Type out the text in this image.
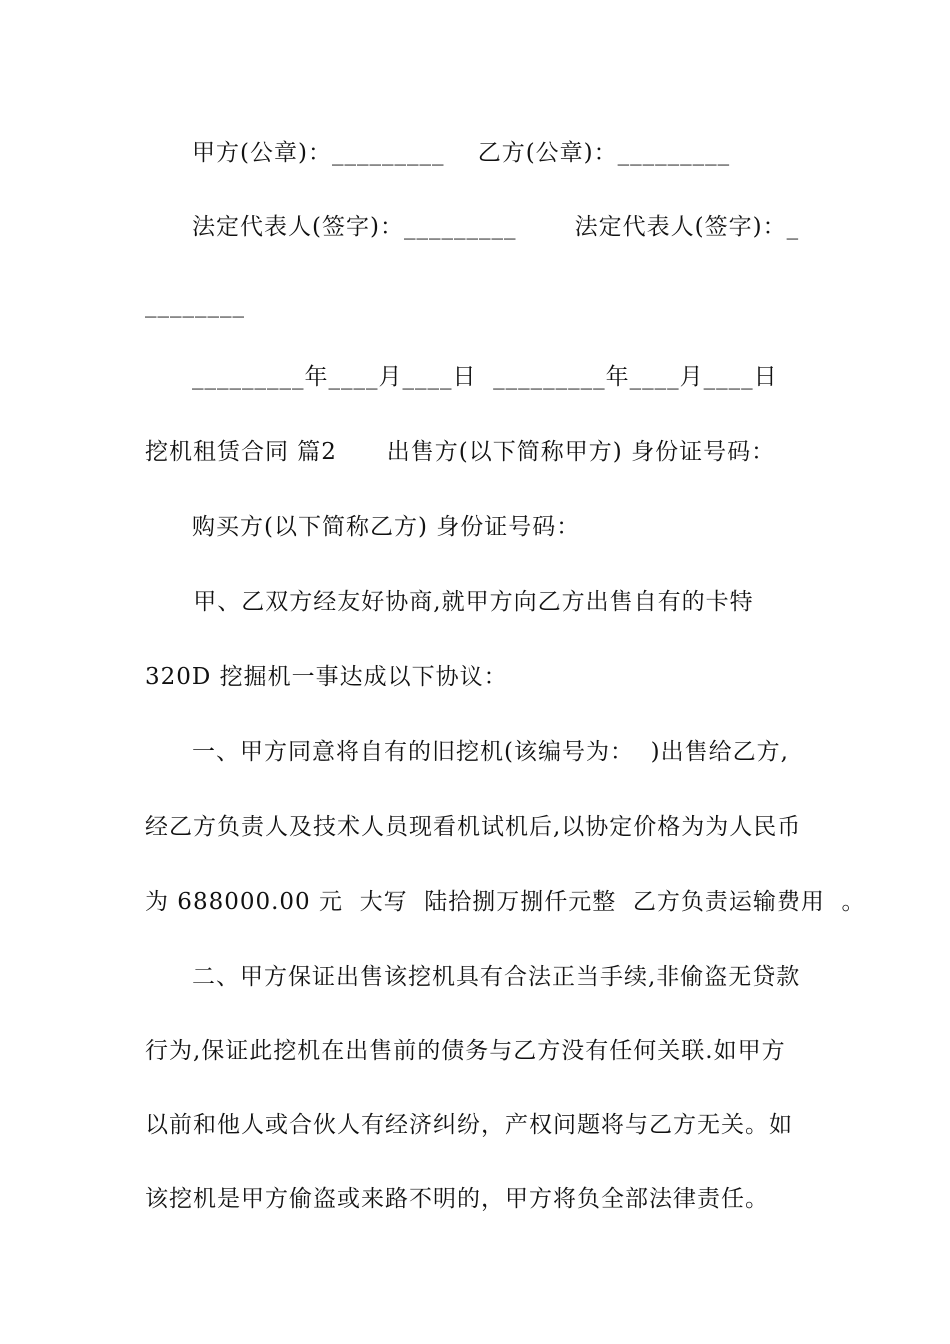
甲方(公章)：_________    乙方(公章)：_________
法定代表人(签字)：_________       法定代表人(签字)：_
________
_________年____月____日  _________年____月____日
挖机租赁合同 篇2      出售方(以下简称甲方) 身份证号码：
购买方(以下简称乙方) 身份证号码：
甲、乙双方经友好协商,就甲方向乙方出售自有的卡特
320D 挖掘机一事达成以下协议：
一、甲方同意将自有的旧挖机(该编号为：  )出售给乙方,
经乙方负责人及技术人员现看机试机后,以协定价格为为人民币
为 688000.00 元  大写  陆拾捌万捌仟元整  乙方负责运输费用  。
二、甲方保证出售该挖机具有合法正当手续,非偷盗无贷款
行为,保证此挖机在出售前的债务与乙方没有任何关联.如甲方
以前和他人或合伙人有经济纠纷，产权问题将与乙方无关。如
该挖机是甲方偷盗或来路不明的，甲方将负全部法律责任。
